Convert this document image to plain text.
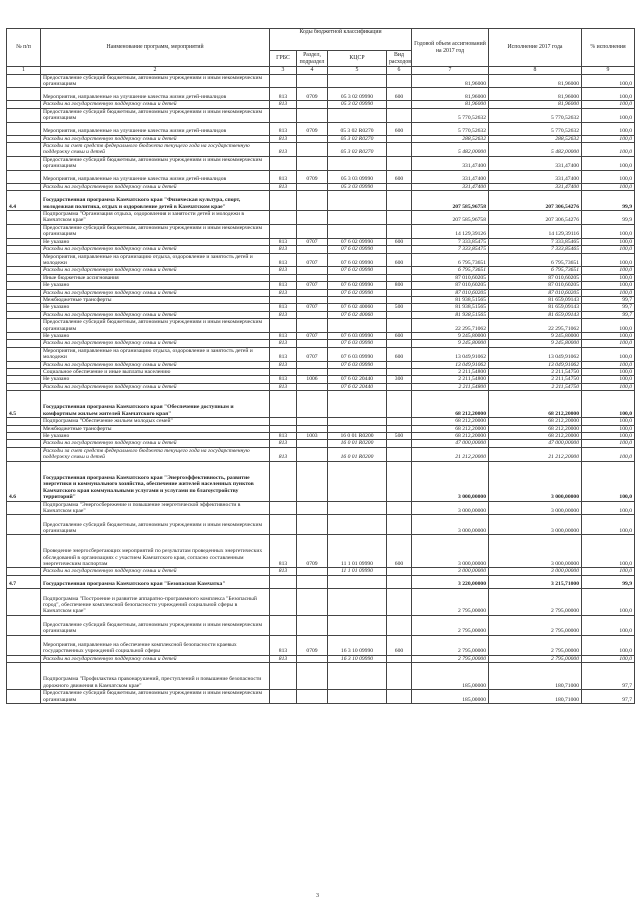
№ п/п	Наименование программ, мероприятий	Коды бюджетной классификации				Годовой объем ассигнований на 2017 год	Исполнение 2017 года	% исполнения
		ГРБС	Раздел, подраздел	КЦСР	Вид расходов			
1	2	3	4	5	6	7	8	9
	Предоставление субсидий бюджетным, автономным учреждениям и иным некоммерческим организациям					81,96000	81,96000	100,0
	Мероприятия, направленные на улучшение качества жизни детей-инвалидов	813	0709	05 3 02 09990	600	81,96000	81,96000	100,0
	Расходы на государственную поддержку семьи и детей	813		05 3 02 09990		81,96000	81,96000	100,0
	Предоставление субсидий бюджетным, автономным учреждениям и иным некоммерческим организациям					5 770,52632	5 770,52632	100,0
	Мероприятия, направленные на улучшение качества жизни детей-инвалидов	813	0709	05 3 02 R0270	600	5 770,52632	5 770,52632	100,0
	Расходы на государственную поддержку семьи и детей	813		05 3 02 R0270		288,52632	288,52632	100,0
	Расходы за счет средств федерального бюджета текущего года на государственную поддержку семьи и детей	813		05 3 02 R0270		5 482,00000	5 482,00000	100,0
	Предоставление субсидий бюджетным, автономным учреждениям и иным некоммерческим организациям					331,47400	331,47400	100,0
	Мероприятия, направленные на улучшение качества жизни детей-инвалидов	813	0709	05 3 03 09990	600	331,47400	331,47400	100,0
	Расходы на государственную поддержку семьи и детей	813		05 3 03 09990		331,47400	331,47400	100,0
4.4	Государственная программа Камчатского края "Физическая культура, спорт, молодежная политика, отдых и оздоровление детей в Камчатском крае"					207 585,96758	207 306,54276	99,9
	Подпрограмма "Организация отдыха, оздоровления и занятости детей и молодежи в Камчатском крае"					207 585,96758	207 306,54276	99,9
	Предоставление субсидий бюджетным, автономным учреждениям и иным некоммерческим организациям					14 129,39126	14 129,39116	100,0
	Не указано	813	0707	07 6 02 09990	600	7 333,85475	7 333,85465	100,0
	Расходы на государственную поддержку семьи и детей	813		07 6 02 09990		7 333,85475	7 333,85465	100,0
	Мероприятия, направленные на организацию отдыха, оздоровление и занятость детей и молодежи	813	0707	07 6 02 09990	600	6 795,73651	6 795,73651	100,0
	Расходы на государственную поддержку семьи и детей	813		07 6 02 09990		6 795,73651	6 795,73651	100,0
	Иные бюджетные ассигнования					87 010,60205	87 010,60205	100,0
	Не указано	813	0707	07 6 02 09990	800	87 010,60205	87 010,60205	100,0
	Расходы на государственную поддержку семьи и детей	813		07 6 02 09990		87 010,60205	87 010,60205	100,0
	Межбюджетные трансферты					81 938,51565	81 659,09143	99,7
	Не указано	813	0707	07 6 02 40060	500	81 938,51565	81 659,09143	99,7
	Расходы на государственную поддержку семьи и детей	813		07 6 02 40060		81 938,51565	81 659,09143	99,7
	Предоставление субсидий бюджетным, автономным учреждениям и иным некоммерческим организациям					22 295,71062	22 295,71062	100,0
	Не указано	813	0707	07 6 03 09990	600	9 245,80000	9 245,80000	100,0
	Расходы на государственную поддержку семьи и детей	813		07 6 03 09990		9 245,80000	9 245,80000	100,0
	Мероприятия, направленные на организацию отдыха, оздоровление и занятость детей и молодежи	813	0707	07 6 03 09990	600	13 049,91062	13 049,91062	100,0
	Расходы на государственную поддержку семьи и детей	813		07 6 03 09990		13 049,91062	13 049,91062	100,0
	Социальное обеспечение и иные выплаты населению					2 211,54800	2 211,54750	100,0
	Не указано	813	1006	07 6 02 20440	300	2 211,54800	2 211,54750	100,0
	Расходы на государственную поддержку семьи и детей	813		07 6 02 20440		2 211,54800	2 211,54750	100,0
4.5	Государственная программа Камчатского края "Обеспечение доступным и комфортным жильем жителей Камчатского края"					68 212,20000	68 212,20000	100,0
	Подпрограмма "Обеспечение жильем молодых семей"					68 212,20000	68 212,20000	100,0
	Межбюджетные трансферты					68 212,20000	68 212,20000	100,0
	Не указано	813	1003	16 0 01 R0200	500	68 212,20000	68 212,20000	100,0
	Расходы на государственную поддержку семьи и детей	813		16 0 01 R0200		47 000,00000	47 000,00000	100,0
	Расходы за счет средств федерального бюджета текущего года на государственную поддержку семьи и детей	813		16 0 01 R0200		21 212,20000	21 212,20000	100,0
4.6	Государственная программа Камчатского края "Энергоэффективность, развитие энергетики и коммунального хозяйства, обеспечение жителей населенных пунктов Камчатского края коммунальными услугами и услугами по благоустройству территорий"					3 000,00000	3 000,00000	100,0
	Подпрограмма "Энергосбережение и повышение энергетической эффективности в Камчатском крае"					3 000,00000	3 000,00000	100,0
	Предоставление субсидий бюджетным, автономным учреждениям и иным некоммерческим организациям					3 000,00000	3 000,00000	100,0
	Проведение энергосберегающих мероприятий по результатам проведенных энергетических обследований в организациях с участием Камчатского края, согласно составленным энергетическим паспортам	813	0709	11 1 01 09990	600	3 000,00000	3 000,00000	100,0
	Расходы на государственную поддержку семьи и детей	813		11 1 01 09990		3 000,00000	3 000,00000	100,0
4.7	Государственная программа Камчатского края "Безопасная Камчатка"					3 220,00000	3 215,71000	99,9
	Подпрограмма "Построение и развитие аппаратно-программного комплекса "Безопасный город", обеспечение комплексной безопасности учреждений социальной сферы в Камчатском крае"					2 795,00000	2 795,00000	100,0
	Предоставление субсидий бюджетным, автономным учреждениям и иным некоммерческим организациям					2 795,00000	2 795,00000	100,0
	Мероприятия, направленные на обеспечение комплексной безопасности краевых государственных учреждений социальной сферы	813	0709	16 3 10 09990	600	2 795,00000	2 795,00000	100,0
	Расходы на государственную поддержку семьи и детей	813		16 3 10 09990		2 795,00000	2 795,00000	100,0
	Подпрограмма "Профилактика правонарушений, преступлений и повышение безопасности дорожного движения в Камчатском крае"					185,00000	180,71000	97,7
	Предоставление субсидий бюджетным, автономным учреждениям и иным некоммерческим организациям					185,00000	180,71000	97,7
3
